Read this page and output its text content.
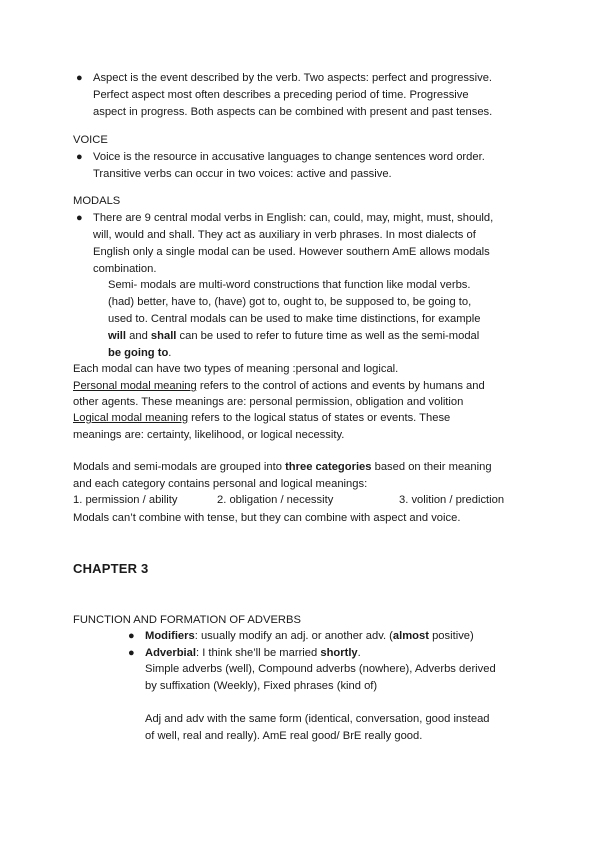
● Aspect is the event described by the verb. Two aspects: perfect and progressive.
Perfect aspect most often describes a preceding period of time. Progressive
aspect in progress. Both aspects can be combined with present and past tenses.
VOICE
● Voice is the resource in accusative languages to change sentences word order.
Transitive verbs can occur in two voices: active and passive.
MODALS
● There are 9 central modal verbs in English: can, could, may, might, must, should,
will, would and shall. They act as auxiliary in verb phrases. In most dialects of
English only a single modal can be used. However southern AmE allows modals
combination.
Semi- modals are multi-word constructions that function like modal verbs.
(had) better, have to, (have) got to, ought to, be supposed to, be going to,
used to. Central modals can be used to make time distinctions, for example
will and shall can be used to refer to future time as well as the semi-modal
be going to.
Each modal can have two types of meaning :personal and logical.
Personal modal meaning refers to the control of actions and events by humans and
other agents. These meanings are: personal permission, obligation and volition
Logical modal meaning refers to the logical status of states or events. These
meanings are: certainty, likelihood, or logical necessity.
Modals and semi-modals are grouped into three categories based on their meaning
and each category contains personal and logical meanings:
1. permission / ability	2. obligation / necessity	3. volition / prediction
Modals can’t combine with tense, but they can combine with aspect and voice.
CHAPTER 3
FUNCTION AND FORMATION OF ADVERBS
● Modifiers: usually modify an adj. or another adv. (almost positive)
● Adverbial: I think she’ll be married shortly.
Simple adverbs (well), Compound adverbs (nowhere), Adverbs derived
by suffixation (Weekly), Fixed phrases (kind of)
Adj and adv with the same form (identical, conversation, good instead
of well, real and really). AmE real good/ BrE really good.
